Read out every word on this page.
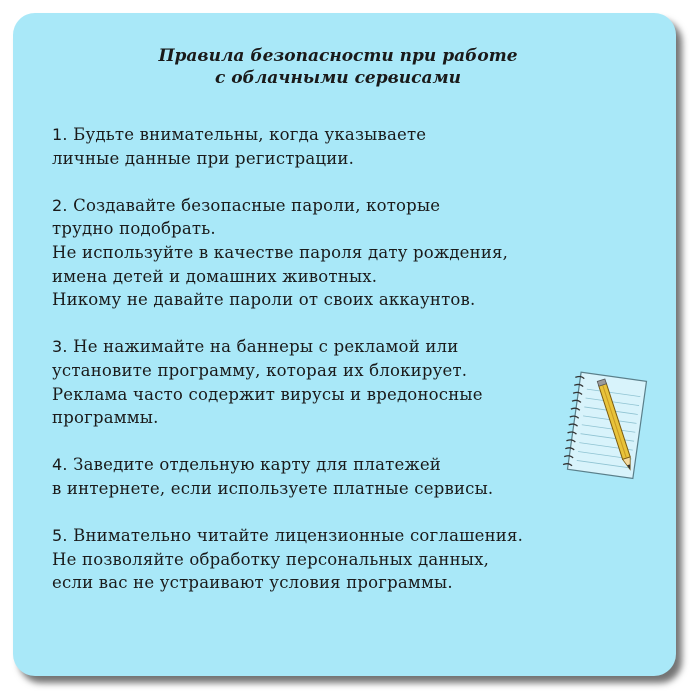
Правила безопасности при работе
с облачными сервисами
1. Будьте внимательны, когда указываете
личные данные при регистрации.
2. Создавайте безопасные пароли, которые
трудно подобрать.
Не используйте в качестве пароля дату рождения,
имена детей и домашних животных.
Никому не давайте пароли от своих аккаунтов.
3. Не нажимайте на баннеры с рекламой или
установите программу, которая их блокирует.
Реклама часто содержит вирусы и вредоносные
программы.
4. Заведите отдельную карту для платежей
в интернете, если используете платные сервисы.
5. Внимательно читайте лицензионные соглашения.
Не позволяйте обработку персональных данных,
если вас не устраивают условия программы.
